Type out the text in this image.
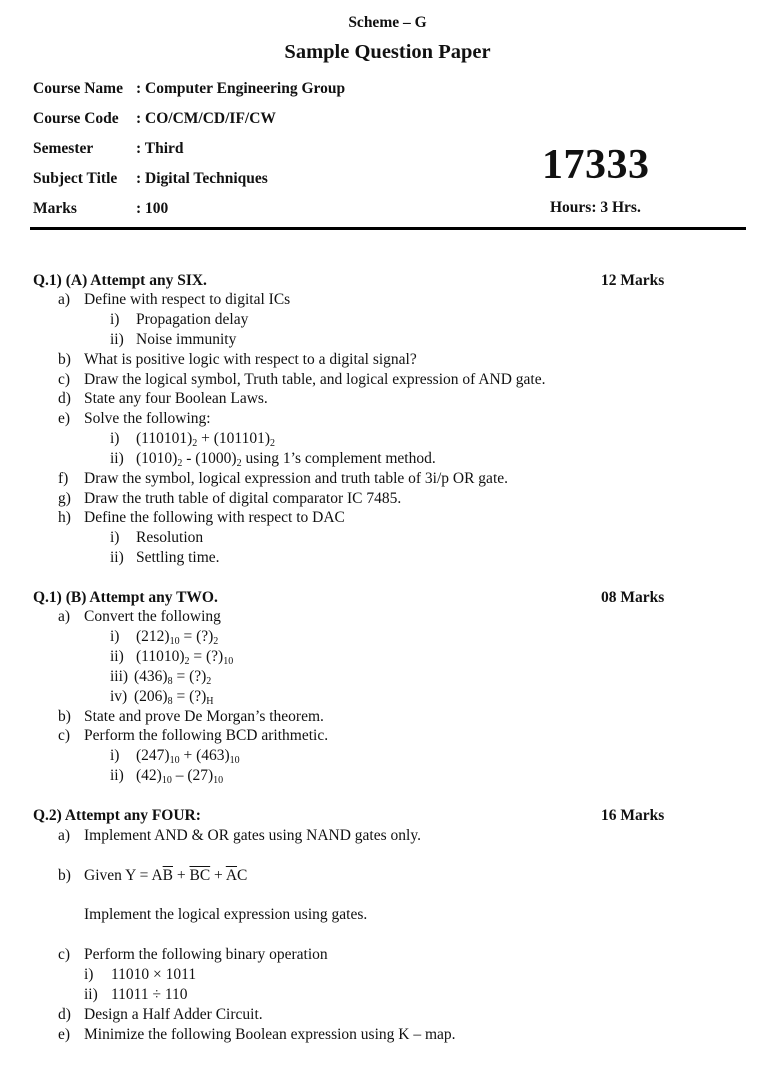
Scheme – G
Sample Question Paper
Course Name : Computer Engineering Group
Course Code : CO/CM/CD/IF/CW
Semester	: Third
Subject Title : Digital Techniques
Marks	: 100
17333
Hours: 3 Hrs.
Q.1) (A) Attempt any SIX.	12 Marks
a) Define with respect to digital ICs
i) Propagation delay
ii) Noise immunity
b) What is positive logic with respect to a digital signal?
c) Draw the logical symbol, Truth table, and logical expression of AND gate.
d) State any four Boolean Laws.
e) Solve the following:
i) $(110101)_2 + (101101)_2$
ii) $(1010)_2 - (1000)_2$ using 1’s complement method.
f) Draw the symbol, logical expression and truth table of 3i/p OR gate.
g) Draw the truth table of digital comparator IC 7485.
h) Define the following with respect to DAC
i) Resolution
ii) Settling time.
Q.1) (B) Attempt any TWO.	08 Marks
a) Convert the following
i) $(212)_{10}$ = $(?)_2$
ii) $(11010)_2$ = $(?)_{10}$
iii) $(436)_8$ = $(?)_2$
iv) $(206)_8$ = $(?)_H$
b) State and prove De Morgan’s theorem.
c) Perform the following BCD arithmetic.
i) $(247)_{10} + (463)_{10}$
ii) $(42)_{10} - (27)_{10}$
Q.2) Attempt any FOUR:	16 Marks
a) Implement AND & OR gates using NAND gates only.
b) Given $Y = A\overline{B} + \overline{BC} + \overline{A}C$
Implement the logical expression using gates.
c) Perform the following binary operation
i) 11010 × 1011
ii) 11011 ÷ 110
d) Design a Half Adder Circuit.
e) Minimize the following Boolean expression using K – map.
